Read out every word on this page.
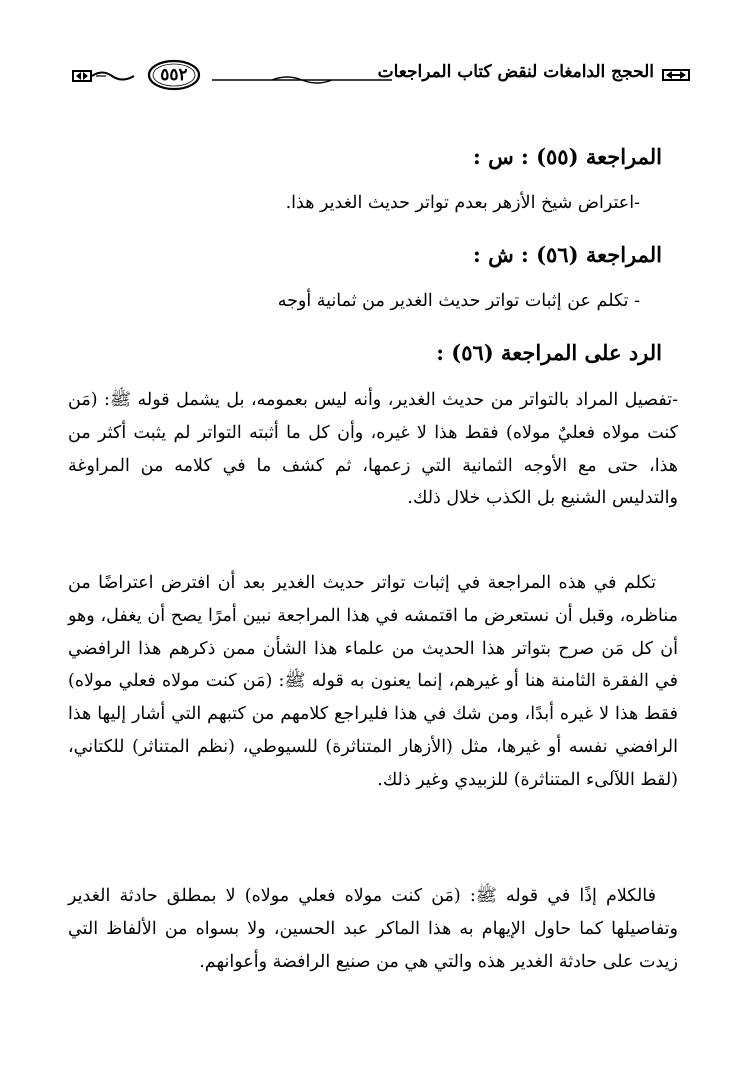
الحجج الدامغات لنقض كتاب المراجعات
٥٥٢
المراجعة (٥٥) : س :
-اعتراض شيخ الأزهر بعدم تواتر حديث الغدير هذا.
المراجعة (٥٦) : ش :
- تكلم عن إثبات تواتر حديث الغدير من ثمانية أوجه
الرد على المراجعة (٥٦) :
-تفصيل المراد بالتواتر من حديث الغدير، وأنه ليس بعمومه، بل يشمل قوله ﷺ: (مَن كنت مولاه فعليٌ مولاه) فقط هذا لا غيره، وأن كل ما أثبته التواتر لم يثبت أكثر من هذا، حتى مع الأوجه الثمانية التي زعمها، ثم كشف ما في كلامه من المراوغة والتدليس الشنيع بل الكذب خلال ذلك.
تكلم في هذه المراجعة في إثبات تواتر حديث الغدير بعد أن افترض اعتراضًا من مناظره، وقبل أن نستعرض ما اقتمشه في هذا المراجعة نبين أمرًا يصح أن يغفل، وهو أن كل مَن صرح بتواتر هذا الحديث من علماء هذا الشأن ممن ذكرهم هذا الرافضي في الفقرة الثامنة هنا أو غيرهم، إنما يعنون به قوله ﷺ: (مَن كنت مولاه فعلي مولاه) فقط هذا لا غيره أبدًا، ومن شك في هذا فليراجع كلامهم من كتبهم التي أشار إليها هذا الرافضي نفسه أو غيرها، مثل (الأزهار المتناثرة) للسيوطي، (نظم المتناثر) للكتاني، (لقط اللآلىء المتناثرة) للزبيدي وغير ذلك.
فالكلام إذًا في قوله ﷺ: (مَن كنت مولاه فعلي مولاه) لا بمطلق حادثة الغدير وتفاصيلها كما حاول الإيهام به هذا الماكر عبد الحسين، ولا بسواه من الألفاظ التي زيدت على حادثة الغدير هذه والتي هي من صنيع الرافضة وأعوانهم.
